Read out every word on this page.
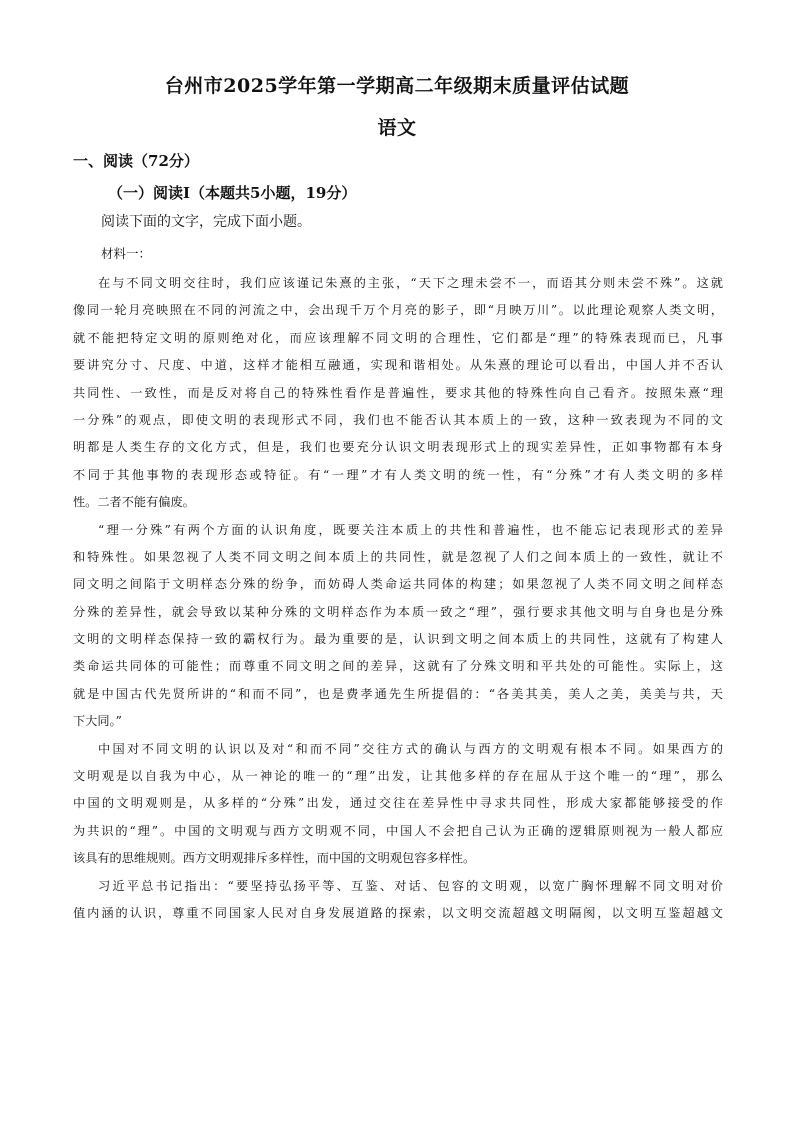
台州市2025学年第一学期高二年级期末质量评估试题
语文
一、阅读（72分）
（一）阅读Ⅰ（本题共5小题，19分）
阅读下面的文字，完成下面小题。
材料一：
在与不同文明交往时，我们应该谨记朱熹的主张，“天下之理未尝不一，而语其分则未尝不殊”。这就
像同一轮月亮映照在不同的河流之中，会出现千万个月亮的影子，即“月映万川”。以此理论观察人类文明，
就不能把特定文明的原则绝对化，而应该理解不同文明的合理性，它们都是“理”的特殊表现而已，凡事
要讲究分寸、尺度、中道，这样才能相互融通，实现和谐相处。从朱熹的理论可以看出，中国人并不否认
共同性、一致性，而是反对将自己的特殊性看作是普遍性，要求其他的特殊性向自己看齐。按照朱熹“理
一分殊”的观点，即使文明的表现形式不同，我们也不能否认其本质上的一致，这种一致表现为不同的文
明都是人类生存的文化方式，但是，我们也要充分认识文明表现形式上的现实差异性，正如事物都有本身
不同于其他事物的表现形态或特征。有“一理”才有人类文明的统一性，有“分殊”才有人类文明的多样
性。二者不能有偏废。
“理一分殊”有两个方面的认识角度，既要关注本质上的共性和普遍性，也不能忘记表现形式的差异
和特殊性。如果忽视了人类不同文明之间本质上的共同性，就是忽视了人们之间本质上的一致性，就让不
同文明之间陷于文明样态分殊的纷争，而妨碍人类命运共同体的构建；如果忽视了人类不同文明之间样态
分殊的差异性，就会导致以某种分殊的文明样态作为本质一致之“理”，强行要求其他文明与自身也是分殊
文明的文明样态保持一致的霸权行为。最为重要的是，认识到文明之间本质上的共同性，这就有了构建人
类命运共同体的可能性；而尊重不同文明之间的差异，这就有了分殊文明和平共处的可能性。实际上，这
就是中国古代先贤所讲的“和而不同”，也是费孝通先生所提倡的：“各美其美，美人之美，美美与共，天
下大同。”
中国对不同文明的认识以及对“和而不同”交往方式的确认与西方的文明观有根本不同。如果西方的
文明观是以自我为中心，从一神论的唯一的“理”出发，让其他多样的存在屈从于这个唯一的“理”，那么
中国的文明观则是，从多样的“分殊”出发，通过交往在差异性中寻求共同性，形成大家都能够接受的作
为共识的“理”。中国的文明观与西方文明观不同，中国人不会把自己认为正确的逻辑原则视为一般人都应
该具有的思维规则。西方文明观排斥多样性，而中国的文明观包容多样性。
习近平总书记指出：“要坚持弘扬平等、互鉴、对话、包容的文明观，以宽广胸怀理解不同文明对价
值内涵的认识，尊重不同国家人民对自身发展道路的探索，以文明交流超越文明隔阂，以文明互鉴超越文
